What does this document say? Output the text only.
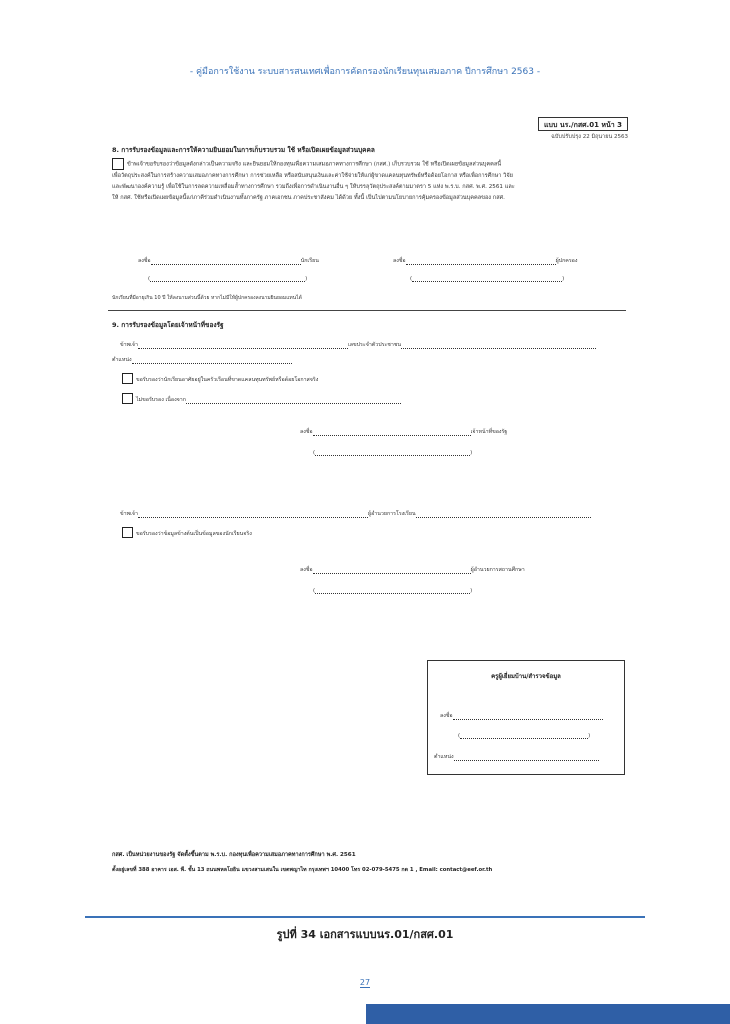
- คู่มือการใช้งาน ระบบสารสนเทศเพื่อการคัดกรองนักเรียนทุนเสมอภาค ปีการศึกษา 2563 -
แบบ นร./กสศ.01 หน้า 3
ฉบับปรับปรุง 22 มิถุนายน 2563
8. การรับรองข้อมูลและการให้ความยินยอมในการเก็บรวบรวม ใช้ หรือเปิดเผยข้อมูลส่วนบุคคล
ข้าพเจ้าขอรับรองว่าข้อมูลดังกล่าวเป็นความจริง และยินยอมให้กองทุนเพื่อความเสมอภาคทางการศึกษา (กสศ.) เก็บรวบรวม ใช้ หรือเปิดเผยข้อมูลส่วนบุคคลนี้
เพื่อวัตถุประสงค์ในการสร้างความเสมอภาคทางการศึกษา การช่วยเหลือ หรือสนับสนุนเงินและค่าใช้จ่ายให้แก่ผู้ขาดแคลนทุนทรัพย์หรือด้อยโอกาส หรือเพื่อการศึกษา วิจัย
และพัฒนาองค์ความรู้ เพื่อใช้ในการลดความเหลื่อมล้ำทางการศึกษา รวมถึงเพื่อการดำเนินงานอื่น ๆ ให้บรรลุวัตถุประสงค์ตามมาตรา 5 แห่ง พ.ร.บ. กสศ. พ.ศ. 2561 และ
ให้ กสศ. ใช้หรือเปิดเผยข้อมูลนี้แก่ภาคีร่วมดำเนินงานทั้งภาครัฐ ภาคเอกชน ภาคประชาสังคม ได้ด้วย ทั้งนี้ เป็นไปตามนโยบายการคุ้มครองข้อมูลส่วนบุคคลของ กสศ.
ลงชื่อ	นักเรียน
(	)
ลงชื่อ	ผู้ปกครอง
(	)
นักเรียนที่มีอายุเกิน 10 ปี ให้ลงนามส่วนนี้ด้วย หากไม่มีให้ผู้ปกครองลงนามยินยอมแทนได้
9. การรับรองข้อมูลโดยเจ้าหน้าที่ของรัฐ
ข้าพเจ้า	เลขประจำตัวประชาชน
ตำแหน่ง
ขอรับรองว่านักเรียนอาศัยอยู่ในครัวเรือนที่ขาดแคลนทุนทรัพย์หรือด้อยโอกาสจริง
ไม่ขอรับรอง เนื่องจาก
ลงชื่อ	เจ้าหน้าที่ของรัฐ
(	)
ข้าพเจ้า	ผู้อำนวยการโรงเรียน
ขอรับรองว่าข้อมูลข้างต้นเป็นข้อมูลของนักเรียนจริง
ลงชื่อ	ผู้อำนวยการสถานศึกษา
(	)
ครูผู้เยี่ยมบ้าน/สำรวจข้อมูล
ลงชื่อ
(	)
ตำแหน่ง
กสศ. เป็นหน่วยงานของรัฐ จัดตั้งขึ้นตาม พ.ร.บ. กองทุนเพื่อความเสมอภาคทางการศึกษา พ.ศ. 2561
ตั้งอยู่เลขที่ 388 อาคาร เอส. พี. ชั้น 13 ถนนพหลโยธิน แขวงสามเสนใน เขตพญาไท กรุงเทพฯ 10400 โทร 02-079-5475 กด 1 , Email: contact@eef.or.th
รูปที่ 34 เอกสารแบบนร.01/กสศ.01
27
